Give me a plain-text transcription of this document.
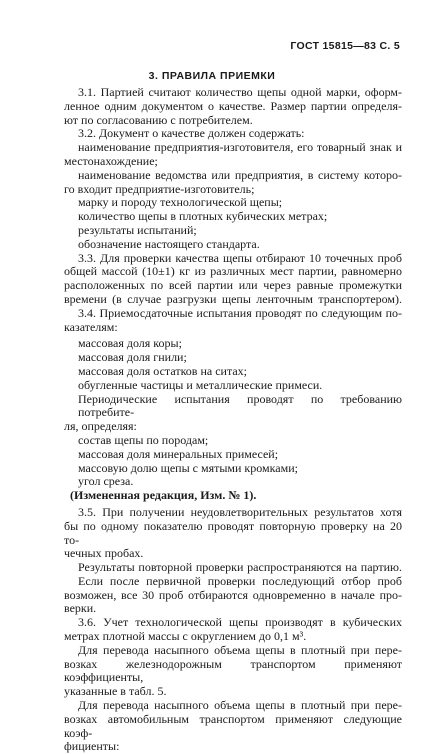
ГОСТ 15815—83 С. 5
3. ПРАВИЛА ПРИЕМКИ
3.1. Партией считают количество щепы одной марки, оформ-
ленное одним документом о качестве. Размер партии определя-
ют по согласованию с потребителем.
3.2. Документ о качестве должен содержать:
наименование предприятия-изготовителя, его товарный знак и
местонахождение;
наименование ведомства или предприятия, в систему которо-
го входит предприятие-изготовитель;
марку и породу технологической щепы;
количество щепы в плотных кубических метрах;
результаты испытаний;
обозначение настоящего стандарта.
3.3. Для проверки качества щепы отбирают 10 точечных проб
общей массой (10±1) кг из различных мест партии, равномерно
расположенных по всей партии или через равные промежутки
времени (в случае разгрузки щепы ленточным транспортером).
3.4. Приемосдаточные испытания проводят по следующим по-
казателям:
массовая доля коры;
массовая доля гнили;
массовая доля остатков на ситах;
обугленные частицы и металлические примеси.
Периодические испытания проводят по требованию потребите-
ля, определяя:
состав щепы по породам;
массовая доля минеральных примесей;
массовую долю щепы с мятыми кромками;
угол среза.
(Измененная редакция, Изм. № 1).
3.5. При получении неудовлетворительных результатов хотя
бы по одному показателю проводят повторную проверку на 20 то-
чечных пробах.
Результаты повторной проверки распространяются на партию.
Если после первичной проверки последующий отбор проб
возможен, все 30 проб отбираются одновременно в начале про-
верки.
3.6. Учет технологической щепы производят в кубических
метрах плотной массы с округлением до 0,1 м³.
Для перевода насыпного объема щепы в плотный при пере-
возках железнодорожным транспортом применяют коэффициенты,
указанные в табл. 5.
Для перевода насыпного объема щепы в плотный при пере-
возках автомобильным транспортом применяют следующие коэф-
фициенты:
